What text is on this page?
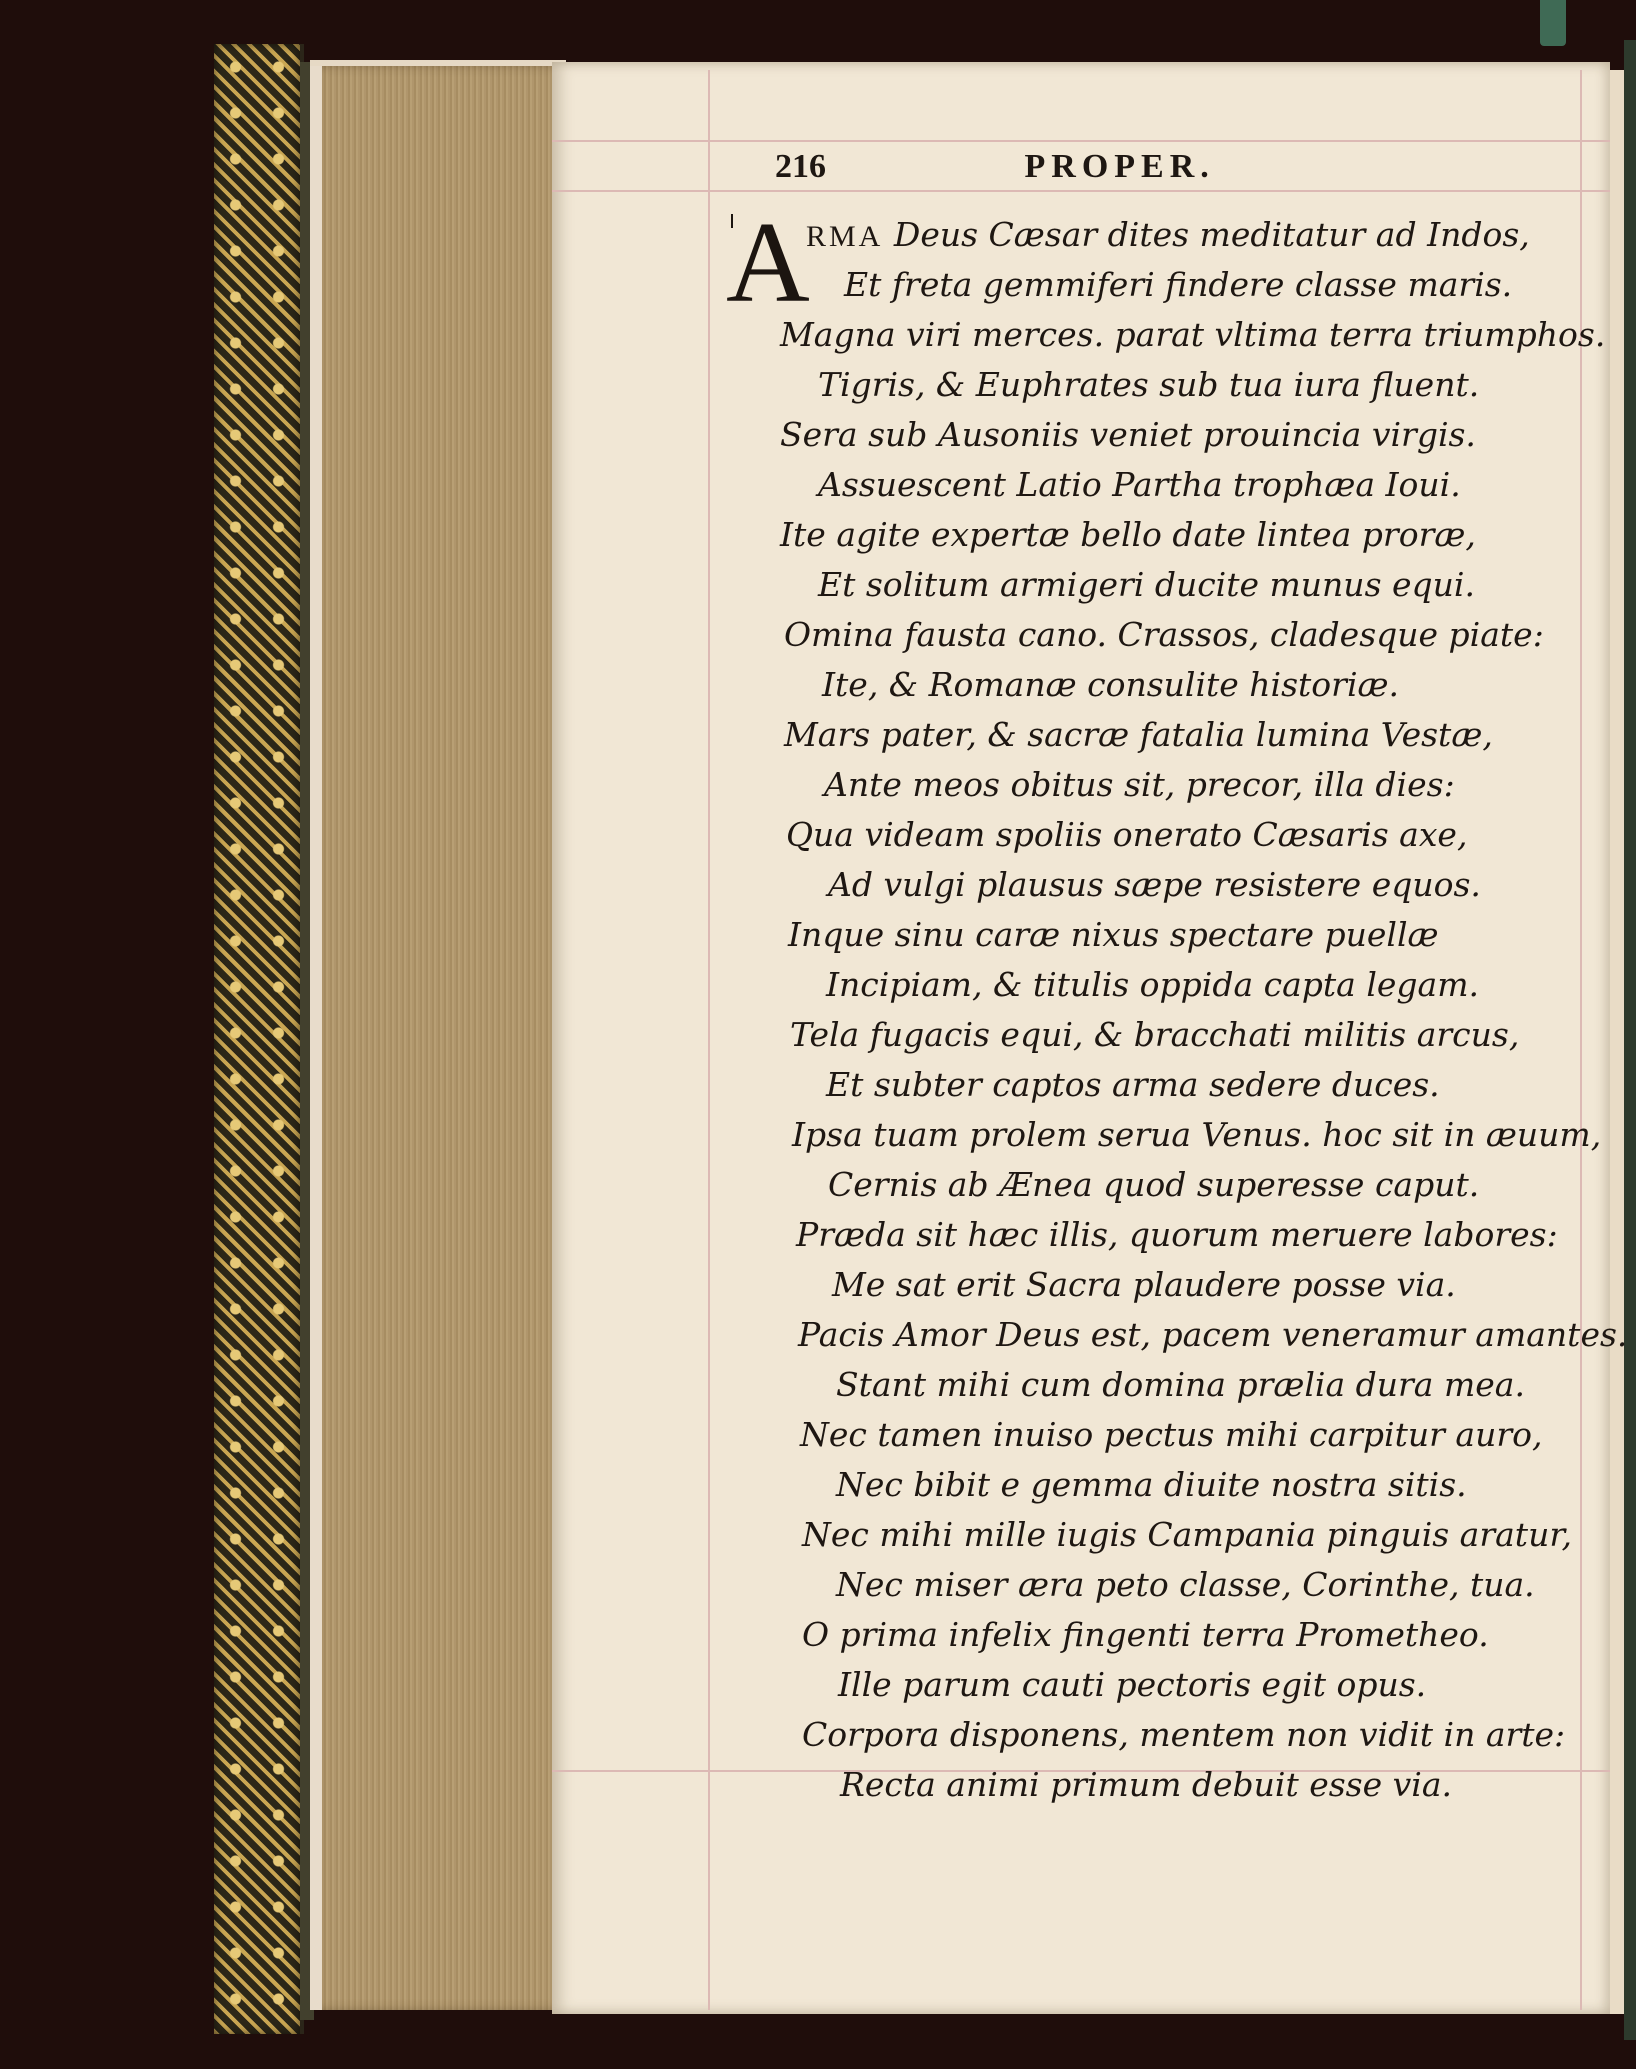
216	PROPER.
A
RMA Deus Cæsar dites meditatur ad Indos,
Et freta gemmiferi findere classe maris.
Magna viri merces. parat vltima terra triumphos.
Tigris, & Euphrates sub tua iura fluent.
Sera sub Ausoniis veniet prouincia virgis.
Assuescent Latio Partha trophæa Ioui.
Ite agite expertæ bello date lintea proræ,
Et solitum armigeri ducite munus equi.
Omina fausta cano. Crassos, cladesque piate:
Ite, & Romanæ consulite historiæ.
Mars pater, & sacræ fatalia lumina Vestæ,
Ante meos obitus sit, precor, illa dies:
Qua videam spoliis onerato Cæsaris axe,
Ad vulgi plausus sæpe resistere equos.
Inque sinu caræ nixus spectare puellæ
Incipiam, & titulis oppida capta legam.
Tela fugacis equi, & bracchati militis arcus,
Et subter captos arma sedere duces.
Ipsa tuam prolem serua Venus. hoc sit in æuum,
Cernis ab Ænea quod superesse caput.
Præda sit hæc illis, quorum meruere labores:
Me sat erit Sacra plaudere posse via.
Pacis Amor Deus est, pacem veneramur amantes.
Stant mihi cum domina prælia dura mea.
Nec tamen inuiso pectus mihi carpitur auro,
Nec bibit e gemma diuite nostra sitis.
Nec mihi mille iugis Campania pinguis aratur,
Nec miser æra peto classe, Corinthe, tua.
O prima infelix fingenti terra Prometheo.
Ille parum cauti pectoris egit opus.
Corpora disponens, mentem non vidit in arte:
Recta animi primum debuit esse via.
